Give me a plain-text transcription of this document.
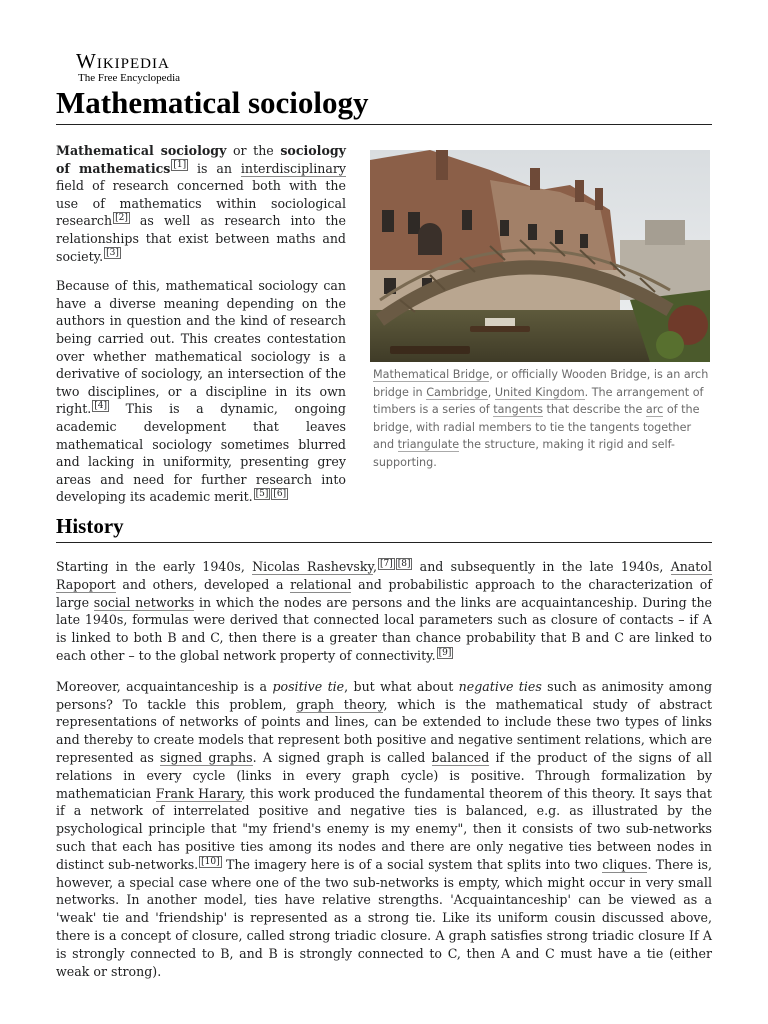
Wikipedia
The Free Encyclopedia
Mathematical sociology

Mathematical sociology or the sociology of mathematics [1] is an interdisciplinary field of research concerned both with the use of mathematics within sociological research [2] as well as research into the relationships that exist between maths and society. [3]

Because of this, mathematical sociology can have a diverse meaning depending on the authors in question and the kind of research being carried out. This creates contestation over whether mathematical sociology is a derivative of sociology, an intersection of the two disciplines, or a discipline in its own right. [4] This is a dynamic, ongoing academic development that leaves mathematical sociology sometimes blurred and lacking in uniformity, presenting grey areas and need for further research into developing its academic merit. [5] [6]

Mathematical Bridge, or officially Wooden Bridge, is an arch bridge in Cambridge, United Kingdom. The arrangement of timbers is a series of tangents that describe the arc of the bridge, with radial members to tie the tangents together and triangulate the structure, making it rigid and self-supporting.
History

Starting in the early 1940s, Nicolas Rashevsky, [7] [8] and subsequently in the late 1940s, Anatol Rapoport and others, developed a relational and probabilistic approach to the characterization of large social networks in which the nodes are persons and the links are acquaintanceship. During the late 1940s, formulas were derived that connected local parameters such as closure of contacts – if A is linked to both B and C, then there is a greater than chance probability that B and C are linked to each other – to the global network property of connectivity. [9]

Moreover, acquaintanceship is a positive tie, but what about negative ties such as animosity among persons? To tackle this problem, graph theory, which is the mathematical study of abstract representations of networks of points and lines, can be extended to include these two types of links and thereby to create models that represent both positive and negative sentiment relations, which are represented as signed graphs. A signed graph is called balanced if the product of the signs of all relations in every cycle (links in every graph cycle) is positive. Through formalization by mathematician Frank Harary, this work produced the fundamental theorem of this theory. It says that if a network of interrelated positive and negative ties is balanced, e.g. as illustrated by the psychological principle that "my friend's enemy is my enemy", then it consists of two sub-networks such that each has positive ties among its nodes and there are only negative ties between nodes in distinct sub-networks. [10] The imagery here is of a social system that splits into two cliques. There is, however, a special case where one of the two sub-networks is empty, which might occur in very small networks. In another model, ties have relative strengths. 'Acquaintanceship' can be viewed as a 'weak' tie and 'friendship' is represented as a strong tie. Like its uniform cousin discussed above, there is a concept of closure, called strong triadic closure. A graph satisfies strong triadic closure If A is strongly connected to B, and B is strongly connected to C, then A and C must have a tie (either weak or strong).
